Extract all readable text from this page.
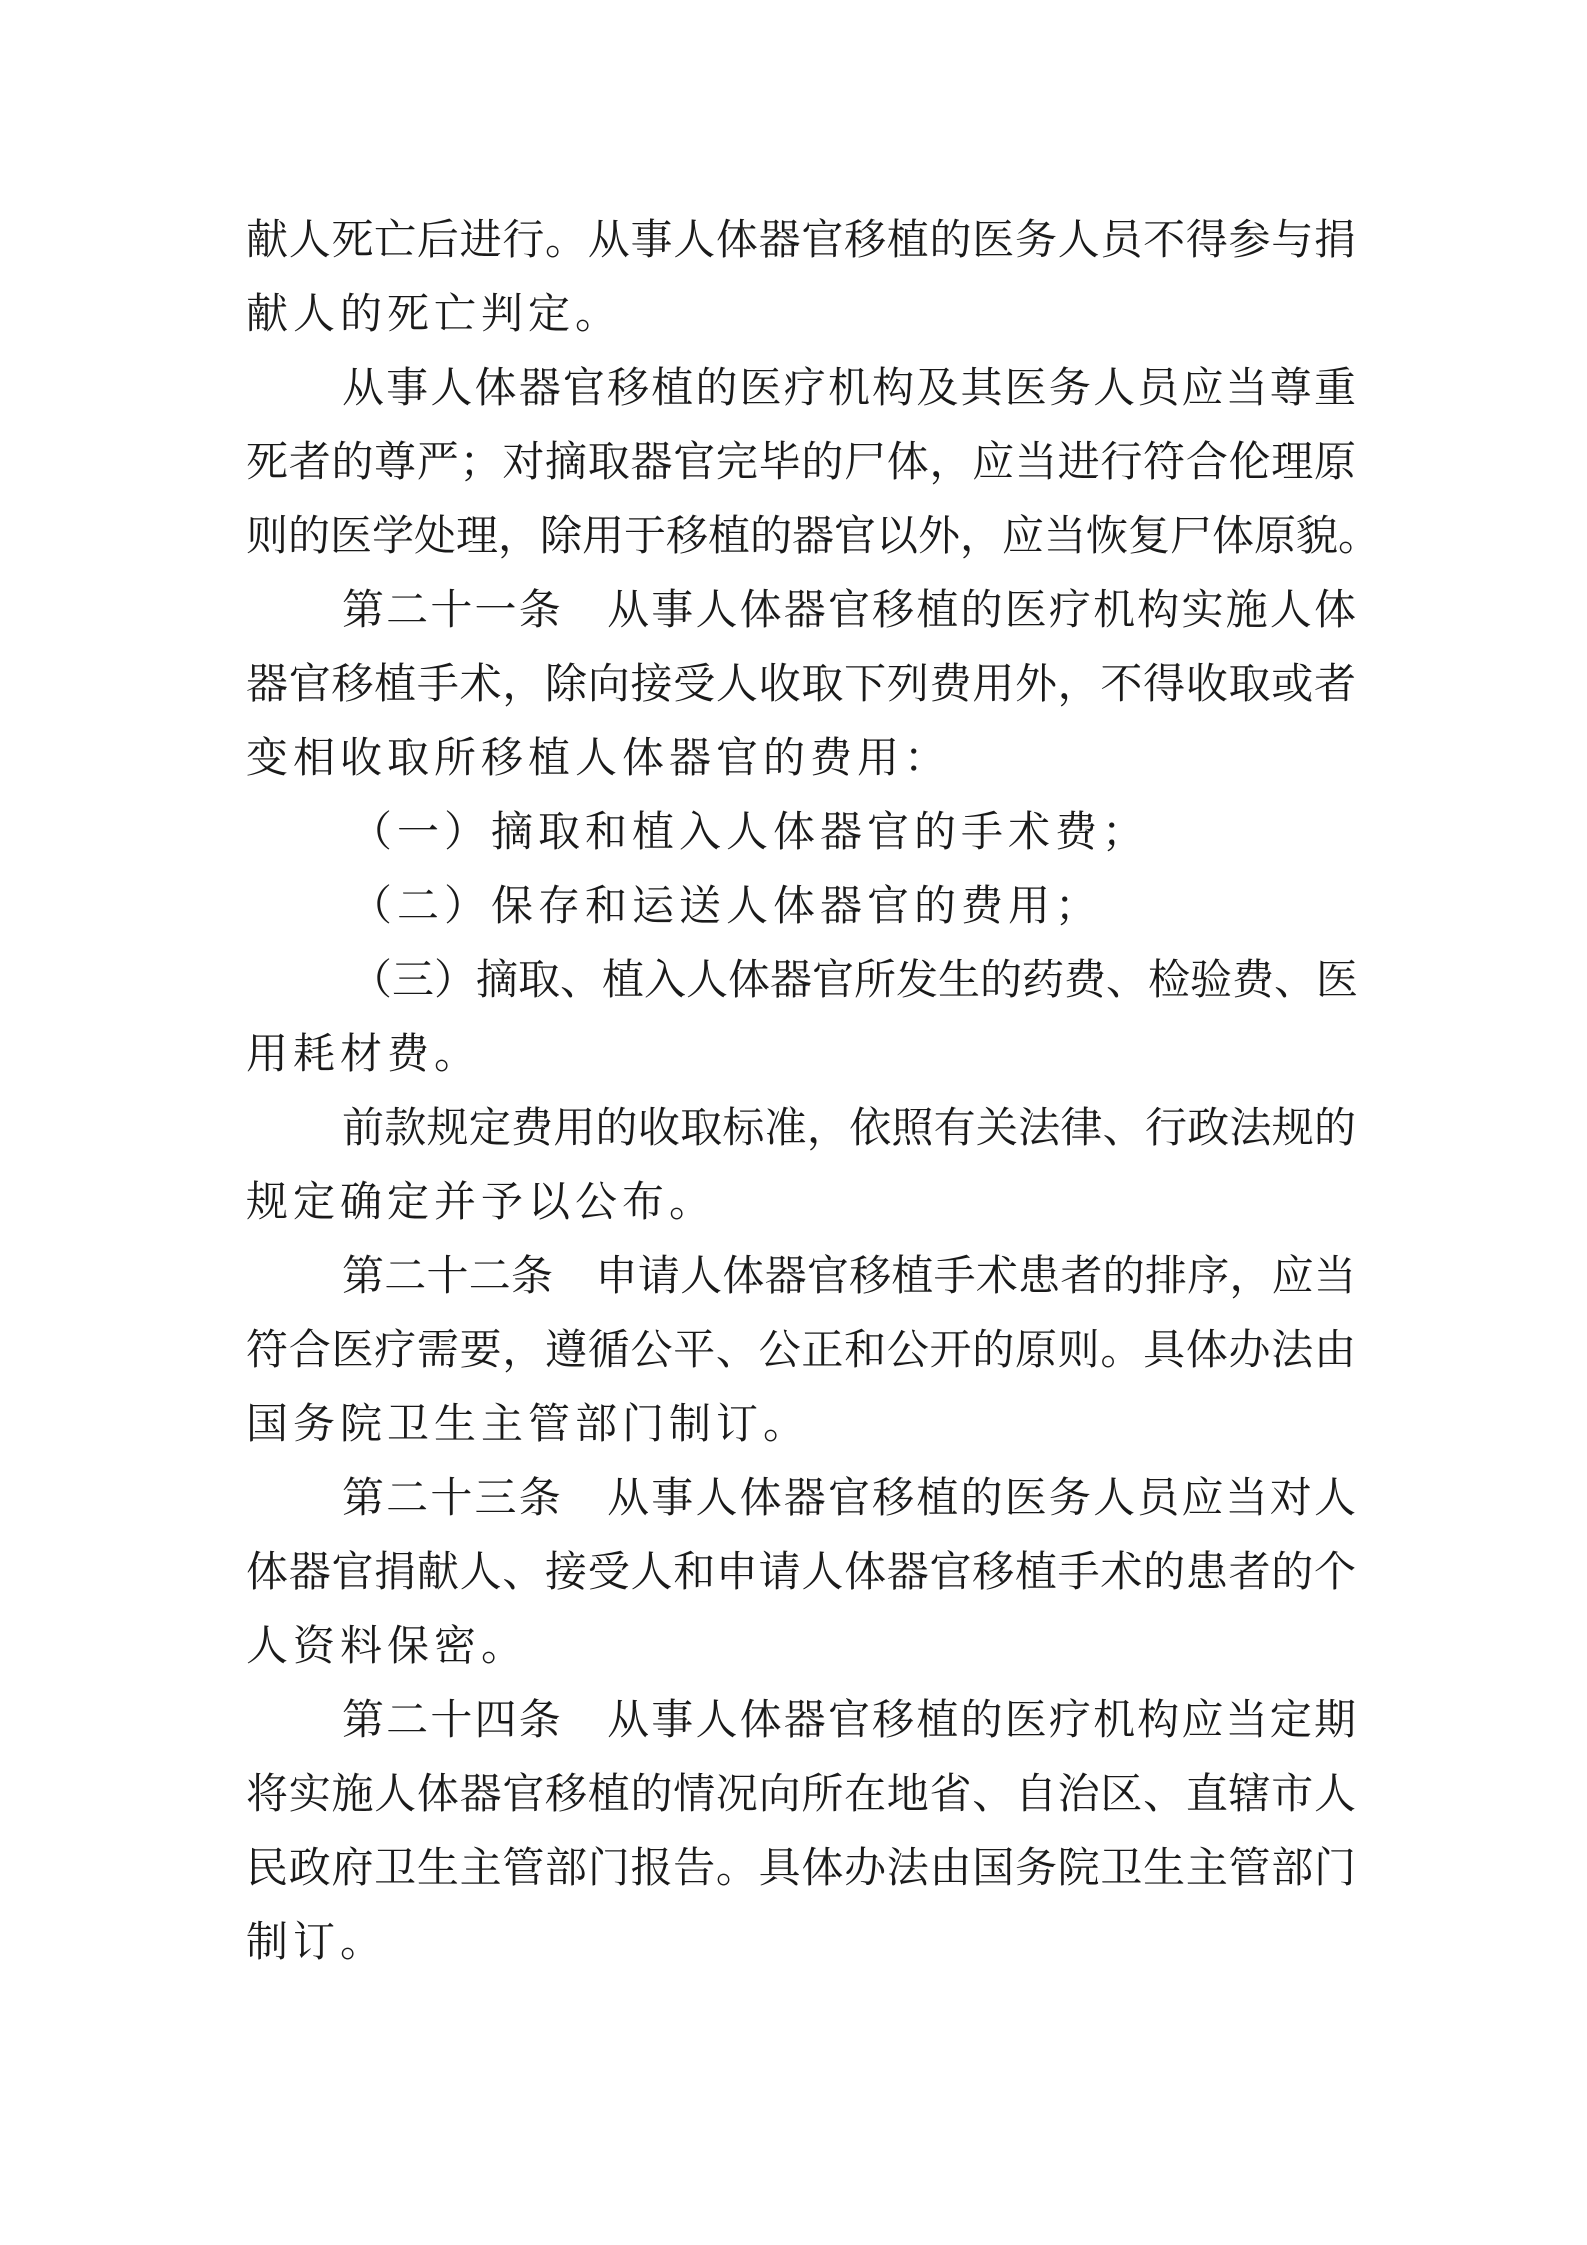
献人死亡后进行。从事人体器官移植的医务人员不得参与捐
献人的死亡判定。
从事人体器官移植的医疗机构及其医务人员应当尊重
死者的尊严；对摘取器官完毕的尸体，应当进行符合伦理原
则的医学处理，除用于移植的器官以外，应当恢复尸体原貌。
第二十一条　从事人体器官移植的医疗机构实施人体
器官移植手术，除向接受人收取下列费用外，不得收取或者
变相收取所移植人体器官的费用：
（一）摘取和植入人体器官的手术费；
（二）保存和运送人体器官的费用；
（三）摘取、植入人体器官所发生的药费、检验费、医
用耗材费。
前款规定费用的收取标准，依照有关法律、行政法规的
规定确定并予以公布。
第二十二条　申请人体器官移植手术患者的排序，应当
符合医疗需要，遵循公平、公正和公开的原则。具体办法由
国务院卫生主管部门制订。
第二十三条　从事人体器官移植的医务人员应当对人
体器官捐献人、接受人和申请人体器官移植手术的患者的个
人资料保密。
第二十四条　从事人体器官移植的医疗机构应当定期
将实施人体器官移植的情况向所在地省、自治区、直辖市人
民政府卫生主管部门报告。具体办法由国务院卫生主管部门
制订。
